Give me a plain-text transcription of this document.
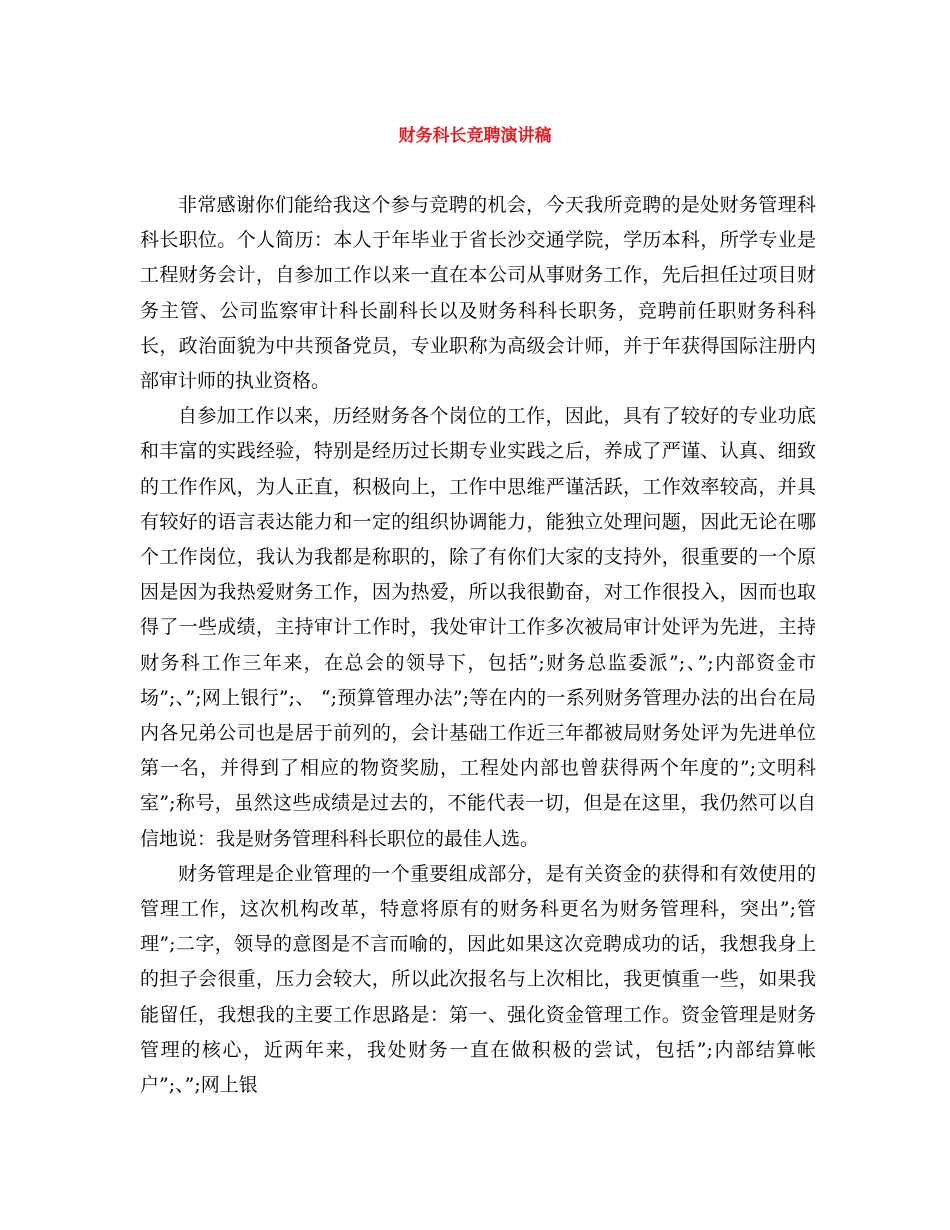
财务科长竞聘演讲稿

非常感谢你们能给我这个参与竞聘的机会，今天我所竞聘的是处财务管理科科长职位。个人简历：本人于年毕业于省长沙交通学院，学历本科，所学专业是工程财务会计，自参加工作以来一直在本公司从事财务工作，先后担任过项目财务主管、公司监察审计科长副科长以及财务科科长职务，竞聘前任职财务科科长，政治面貌为中共预备党员，专业职称为高级会计师，并于年获得国际注册内部审计师的执业资格。

自参加工作以来，历经财务各个岗位的工作，因此，具有了较好的专业功底和丰富的实践经验，特别是经历过长期专业实践之后，养成了严谨、认真、细致的工作作风，为人正直，积极向上，工作中思维严谨活跃，工作效率较高，并具有较好的语言表达能力和一定的组织协调能力，能独立处理问题，因此无论在哪个工作岗位，我认为我都是称职的，除了有你们大家的支持外，很重要的一个原因是因为我热爱财务工作，因为热爱，所以我很勤奋，对工作很投入，因而也取得了一些成绩，主持审计工作时，我处审计工作多次被局审计处评为先进，主持财务科工作三年来，在总会的领导下，包括”;财务总监委派”;、”;内部资金市场”;、”;网上银行”;、 “;预算管理办法”;等在内的一系列财务管理办法的出台在局内各兄弟公司也是居于前列的，会计基础工作近三年都被局财务处评为先进单位第一名，并得到了相应的物资奖励，工程处内部也曾获得两个年度的”;文明科室”;称号，虽然这些成绩是过去的，不能代表一切，但是在这里，我仍然可以自信地说：我是财务管理科科长职位的最佳人选。

财务管理是企业管理的一个重要组成部分，是有关资金的获得和有效使用的管理工作，这次机构改革，特意将原有的财务科更名为财务管理科，突出”;管理”;二字，领导的意图是不言而喻的，因此如果这次竞聘成功的话，我想我身上的担子会很重，压力会较大，所以此次报名与上次相比，我更慎重一些，如果我能留任，我想我的主要工作思路是：第一、强化资金管理工作。资金管理是财务管理的核心，近两年来，我处财务一直在做积极的尝试，包括”;内部结算帐户”;、”;网上银
